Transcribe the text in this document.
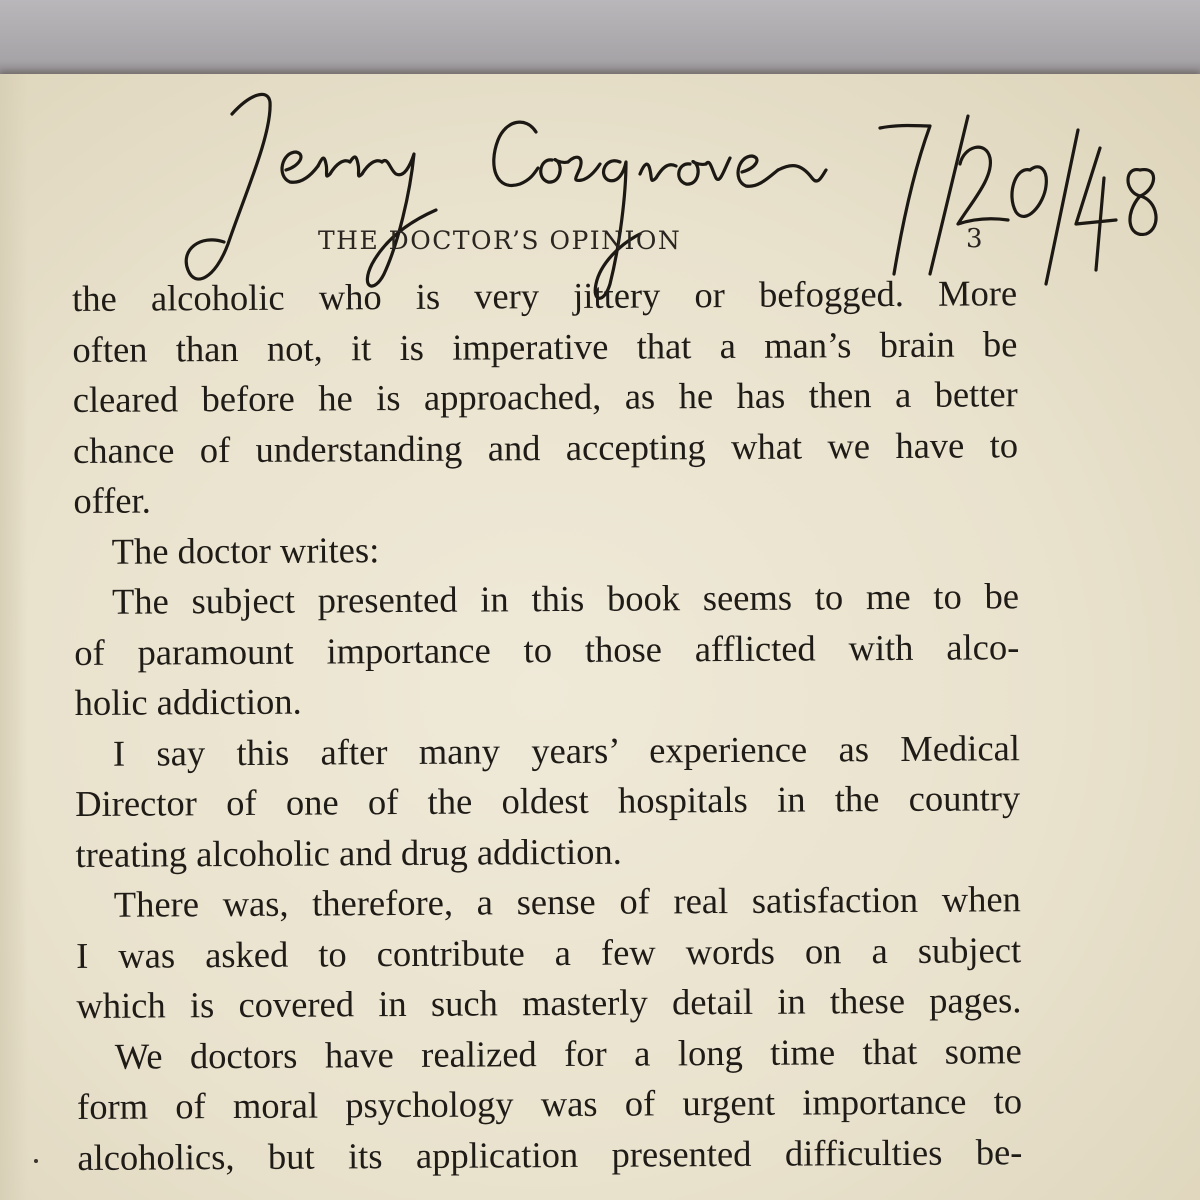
THE DOCTOR’S OPINION	3
the alcoholic who is very jittery or befogged. More
often than not, it is imperative that a man’s brain be
cleared before he is approached, as he has then a better
chance of understanding and accepting what we have to
offer.
The doctor writes:
The subject presented in this book seems to me to be
of paramount importance to those afflicted with alco-
holic addiction.
I say this after many years’ experience as Medical
Director of one of the oldest hospitals in the country
treating alcoholic and drug addiction.
There was, therefore, a sense of real satisfaction when
I was asked to contribute a few words on a subject
which is covered in such masterly detail in these pages.
We doctors have realized for a long time that some
form of moral psychology was of urgent importance to
alcoholics, but its application presented difficulties be-
